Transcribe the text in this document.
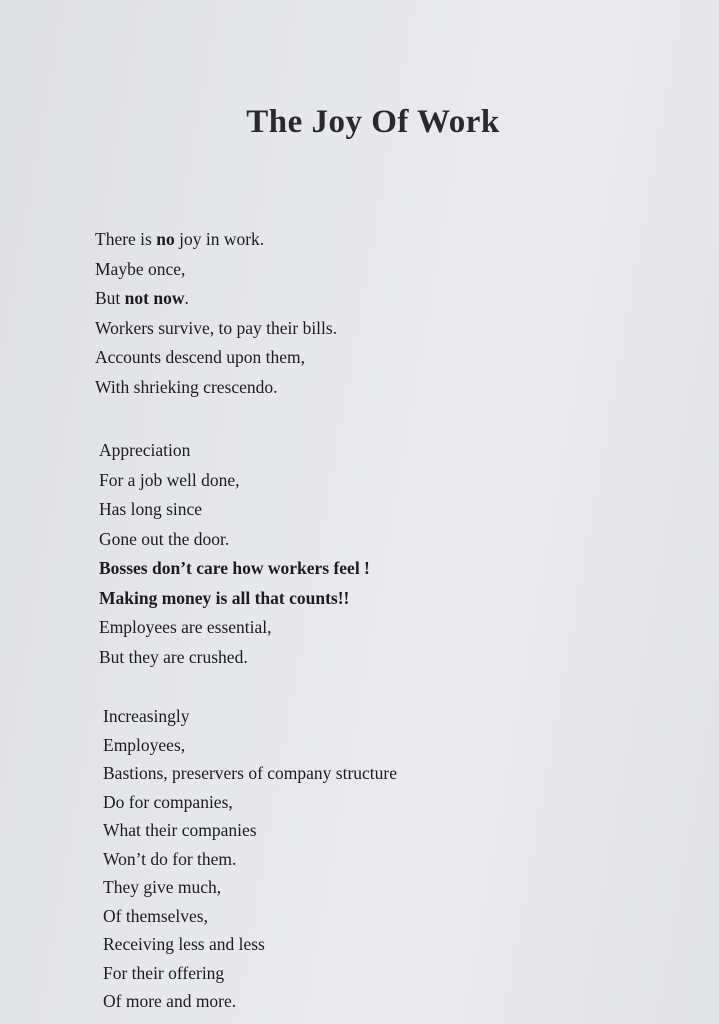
The Joy Of Work
There is no joy in work.
Maybe once,
But not now.
Workers survive, to pay their bills.
Accounts descend upon them,
With shrieking crescendo.
Appreciation
For a job well done,
Has long since
Gone out the door.
Bosses don’t care how workers feel !
Making money is all that counts!!
Employees are essential,
But they are crushed.
Increasingly
Employees,
Bastions, preservers of company structure
Do for companies,
What their companies
Won’t do for them.
They give much,
Of themselves,
Receiving less and less
For their offering
Of more and more.
